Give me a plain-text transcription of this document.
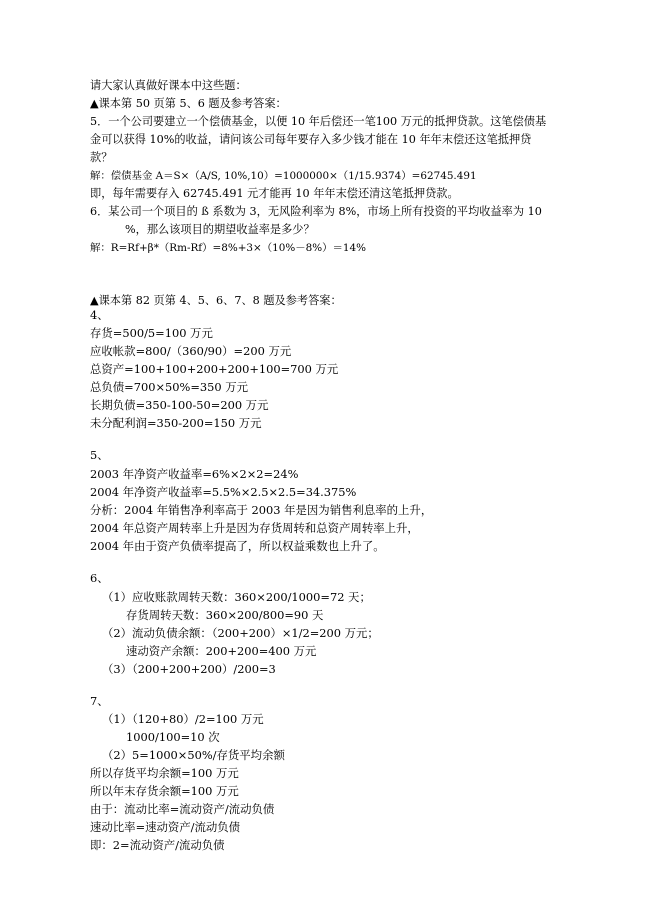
请大家认真做好课本中这些题：
▲课本第 50 页第 5、6 题及参考答案：
5．一个公司要建立一个偿债基金，以便 10 年后偿还一笔100 万元的抵押贷款。这笔偿债基
金可以获得 10%的收益，请问该公司每年要存入多少钱才能在 10 年年末偿还这笔抵押贷
款？
解：偿债基金 A＝S×（A/S, 10%,10）=1000000×（1/15.9374）=62745.491
即，每年需要存入 62745.491 元才能再 10 年年末偿还清这笔抵押贷款。
6．某公司一个项目的 ß 系数为 3，无风险利率为 8%，市场上所有投资的平均收益率为 10
%，那么该项目的期望收益率是多少？
解：R=Rf+β*（Rm-Rf）=8%+3×（10%－8%）＝14%
▲课本第 82 页第 4、5、6、7、8 题及参考答案：
4、
存货=500/5=100 万元
应收帐款=800/（360/90）=200 万元
总资产=100+100+200+200+100=700 万元
总负债=700×50%=350 万元
长期负债=350-100-50=200 万元
未分配利润=350-200=150 万元
5、
2003 年净资产收益率=6%×2×2=24%
2004 年净资产收益率=5.5%×2.5×2.5=34.375%
分析：2004 年销售净利率高于 2003 年是因为销售利息率的上升，
2004 年总资产周转率上升是因为存货周转和总资产周转率上升，
2004 年由于资产负债率提高了，所以权益乘数也上升了。
6、
（1）应收账款周转天数：360×200/1000=72 天；
存货周转天数：360×200/800=90 天
（2）流动负债余额：（200+200）×1/2=200 万元；
速动资产余额：200+200=400 万元
（3）（200+200+200）/200=3
7、
（1）（120+80）/2=100 万元
1000/100=10 次
（2）5=1000×50%/存货平均余额
所以存货平均余额=100 万元
所以年末存货余额=100 万元
由于：流动比率=流动资产/流动负债
速动比率=速动资产/流动负债
即：2=流动资产/流动负债
